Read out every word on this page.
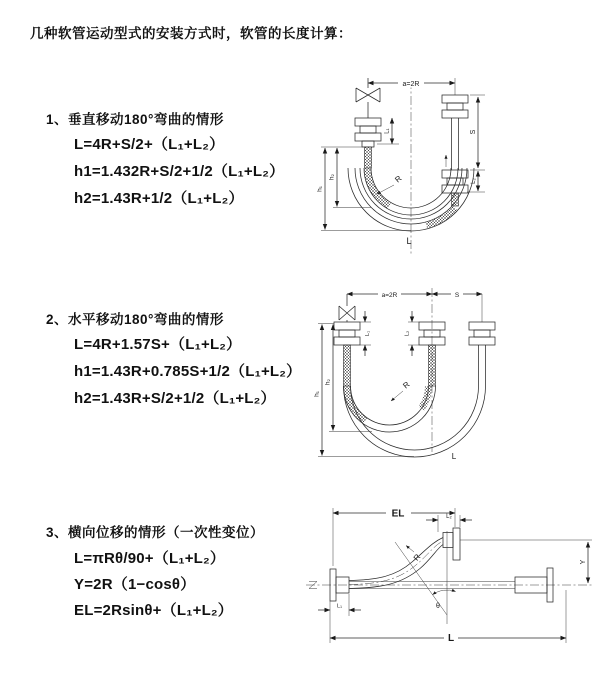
几种软管运动型式的安装方式时，软管的长度计算：
1、垂直移动180°弯曲的情形
L=4R+S/2+（L₁+L₂）
h1=1.432R+S/2+1/2（L₁+L₂）
h2=1.43R+1/2（L₁+L₂）
2、水平移动180°弯曲的情形
L=4R+1.57S+（L₁+L₂）
h1=1.43R+0.785S+1/2（L₁+L₂）
h2=1.43R+S/2+1/2（L₁+L₂）
3、横向位移的情形（一次性变位）
L=πRθ/90+（L₁+L₂）
Y=2R（1−cosθ）
EL=2Rsinθ+（L₁+L₂）
a=2R
L₁	S
L₂
h₁
h₂	R
L
a=2R	S
L₁	L₂
h₁
h₂	R
L
EL	L₂
Y
R
θ
L
L₁
